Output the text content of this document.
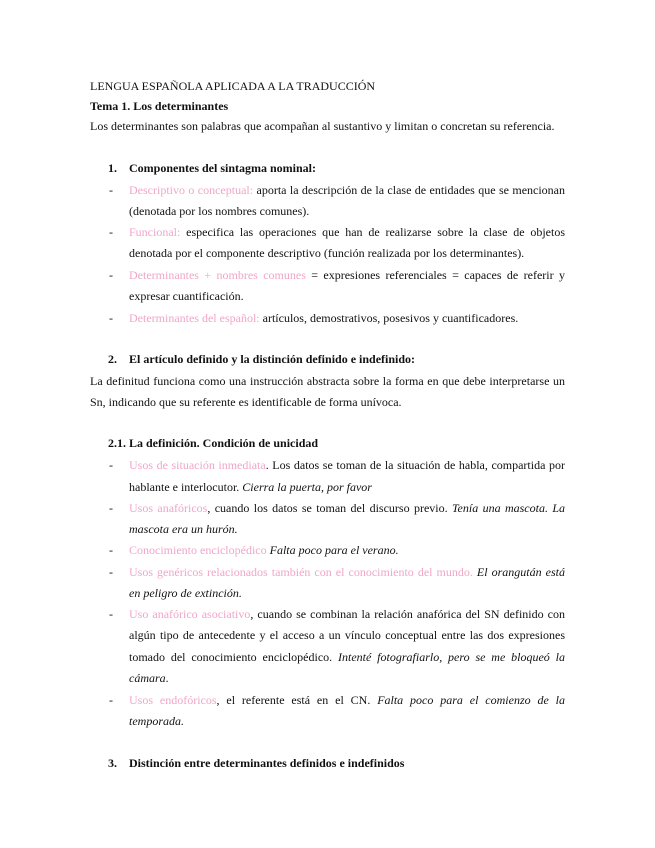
LENGUA ESPAÑOLA APLICADA A LA TRADUCCIÓN
Tema 1. Los determinantes
Los determinantes son palabras que acompañan al sustantivo y limitan o concretan su referencia.
1. Componentes del sintagma nominal:
- Descriptivo o conceptual: aporta la descripción de la clase de entidades que se mencionan
(denotada por los nombres comunes).
- Funcional: especifica las operaciones que han de realizarse sobre la clase de objetos
denotada por el componente descriptivo (función realizada por los determinantes).
- Determinantes + nombres comunes = expresiones referenciales = capaces de referir y
expresar cuantificación.
- Determinantes del español: artículos, demostrativos, posesivos y cuantificadores.
2. El artículo definido y la distinción definido e indefinido:
La definitud funciona como una instrucción abstracta sobre la forma en que debe interpretarse un
Sn, indicando que su referente es identificable de forma unívoca.
2.1. La definición. Condición de unicidad
- Usos de situación inmediata. Los datos se toman de la situación de habla, compartida por
hablante e interlocutor. Cierra la puerta, por favor
- Usos anafóricos, cuando los datos se toman del discurso previo. Tenía una mascota. La
mascota era un hurón.
- Conocimiento enciclopédico Falta poco para el verano.
- Usos genéricos relacionados también con el conocimiento del mundo. El orangután está
en peligro de extinción.
- Uso anafórico asociativo, cuando se combinan la relación anafórica del SN definido con
algún tipo de antecedente y el acceso a un vínculo conceptual entre las dos expresiones
tomado del conocimiento enciclopédico. Intenté fotografiarlo, pero se me bloqueó la
cámara.
- Usos endofóricos, el referente está en el CN. Falta poco para el comienzo de la
temporada.
3. Distinción entre determinantes definidos e indefinidos
